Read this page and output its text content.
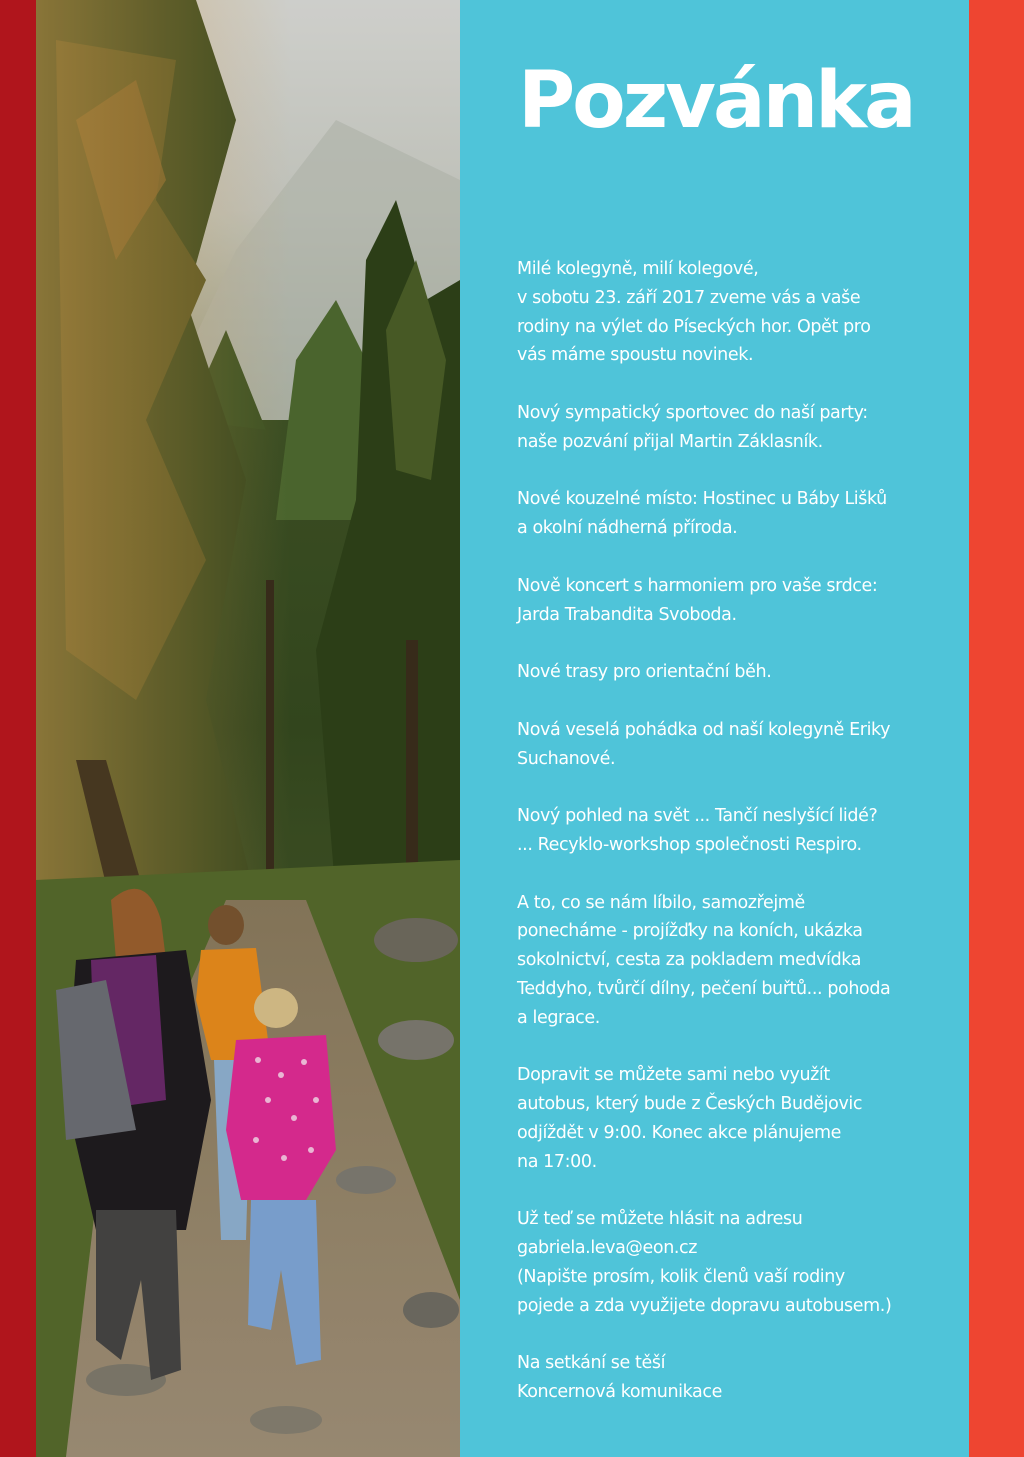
Pozvánka

Milé kolegyně, milí kolegové,
v sobotu 23. září 2017 zveme vás a vaše
rodiny na výlet do Píseckých hor. Opět pro
vás máme spoustu novinek.

Nový sympatický sportovec do naší party:
naše pozvání přijal Martin Záklasník.

Nové kouzelné místo: Hostinec u Báby Lišků
a okolní nádherná příroda.

Nově koncert s harmoniem pro vaše srdce:
Jarda Trabandita Svoboda.

Nové trasy pro orientační běh.

Nová veselá pohádka od naší kolegyně Eriky
Suchanové.

Nový pohled na svět ... Tančí neslyšící lidé?
... Recyklo-workshop společnosti Respiro.

A to, co se nám líbilo, samozřejmě
ponecháme - projížďky na koních, ukázka
sokolnictví, cesta za pokladem medvídka
Teddyho, tvůrčí dílny, pečení buřtů... pohoda
a legrace.

Dopravit se můžete sami nebo využít
autobus, který bude z Českých Budějovic
odjíždět v 9:00. Konec akce plánujeme
na 17:00.

Už teď se můžete hlásit na adresu
gabriela.leva@eon.cz
(Napište prosím, kolik členů vaší rodiny
pojede a zda využijete dopravu autobusem.)

Na setkání se těší
Koncernová komunikace
